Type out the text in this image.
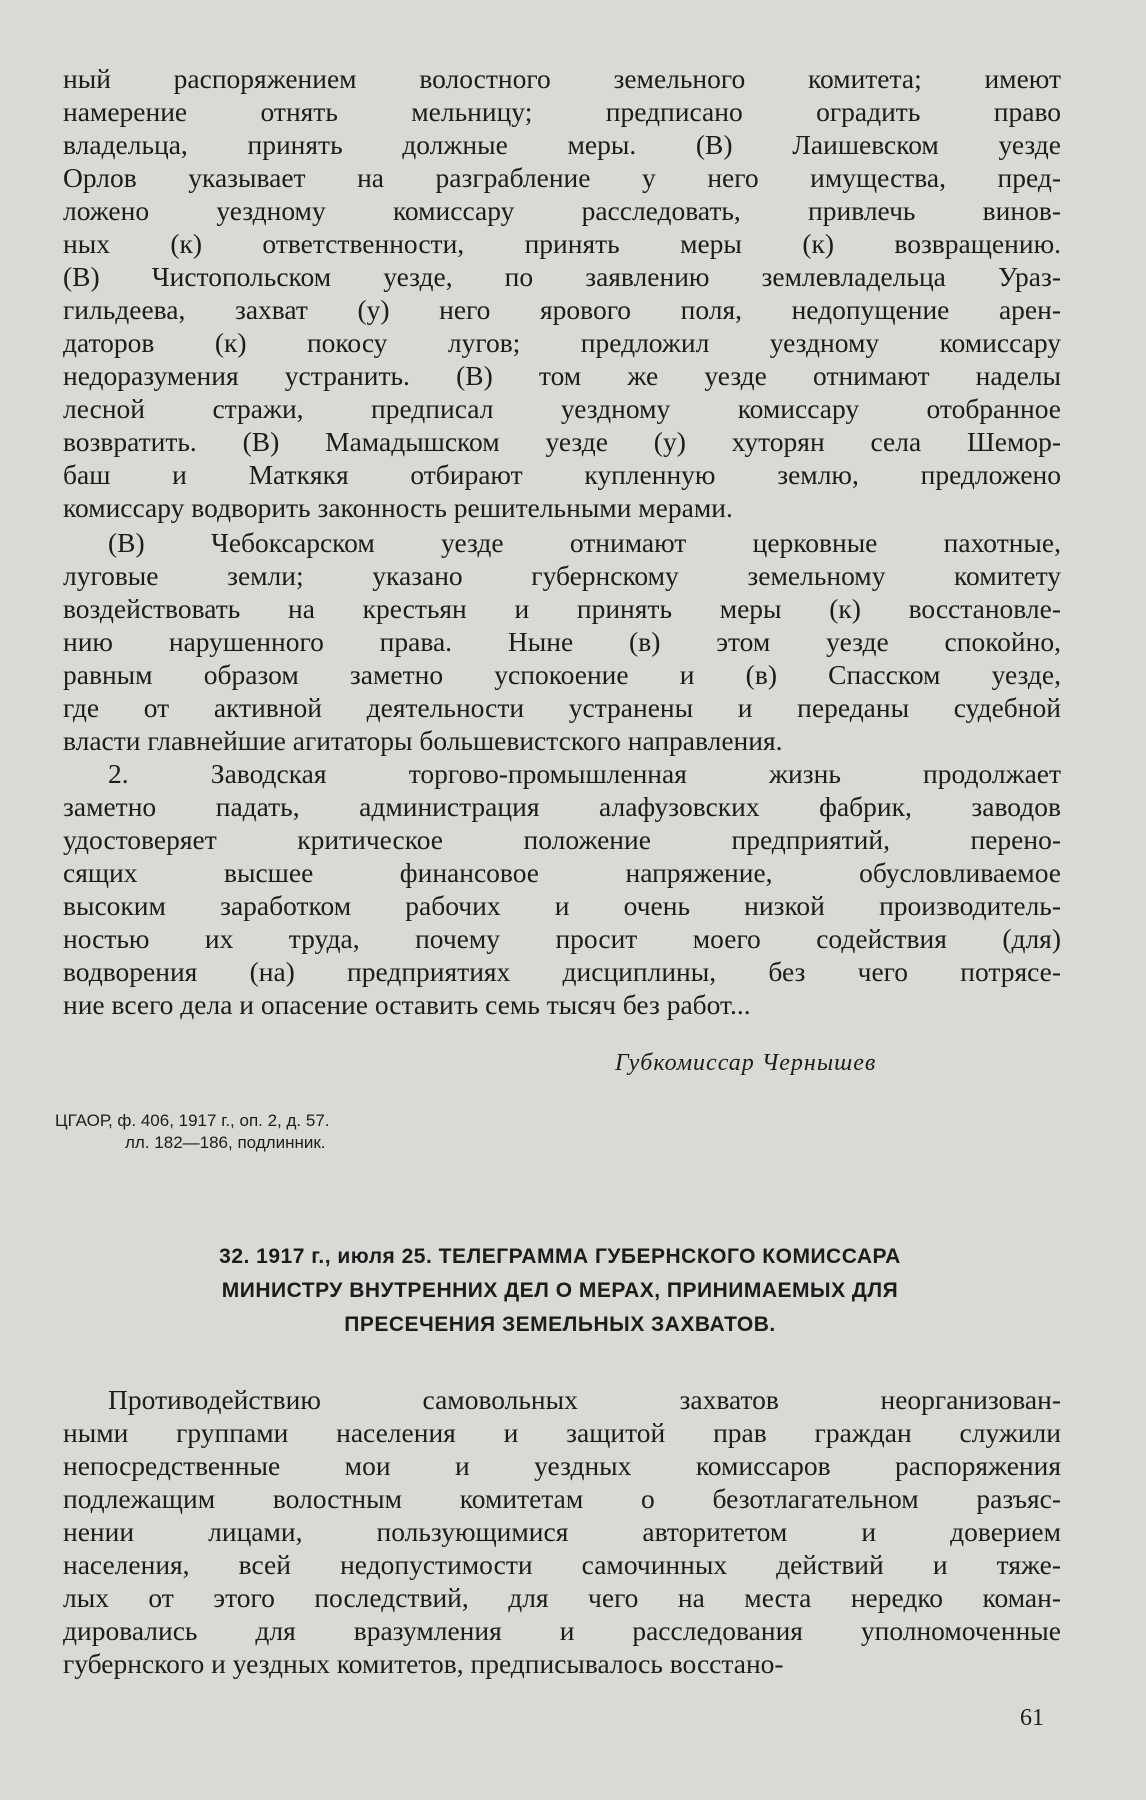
ный распоряжением волостного земельного комитета; имеют
намерение отнять мельницу; предписано оградить право
владельца, принять должные меры. (В) Лаишевском уезде
Орлов указывает на разграбление у него имущества, пред-
ложено уездному комиссару расследовать, привлечь винов-
ных (к) ответственности, принять меры (к) возвращению.
(В) Чистопольском уезде, по заявлению землевладельца Ураз-
гильдеева, захват (у) него ярового поля, недопущение арен-
даторов (к) покосу лугов; предложил уездному комиссару
недоразумения устранить. (В) том же уезде отнимают наделы
лесной стражи, предписал уездному комиссару отобранное
возвратить. (В) Мамадышском уезде (у) хуторян села Шемор-
баш и Маткякя отбирают купленную землю, предложено
комиссару водворить законность решительными мерами.
(В) Чебоксарском уезде отнимают церковные пахотные,
луговые земли; указано губернскому земельному комитету
воздействовать на крестьян и принять меры (к) восстановле-
нию нарушенного права. Ныне (в) этом уезде спокойно,
равным образом заметно успокоение и (в) Спасском уезде,
где от активной деятельности устранены и переданы судебной
власти главнейшие агитаторы большевистского направления.
2. Заводская торгово-промышленная жизнь продолжает
заметно падать, администрация алафузовских фабрик, заводов
удостоверяет критическое положение предприятий, перено-
сящих высшее финансовое напряжение, обусловливаемое
высоким заработком рабочих и очень низкой производитель-
ностью их труда, почему просит моего содействия (для)
водворения (на) предприятиях дисциплины, без чего потрясе-
ние всего дела и опасение оставить семь тысяч без работ...
Губкомиссар Чернышев
ЦГАОР, ф. 406, 1917 г., оп. 2, д. 57.
лл. 182—186, подлинник.
32. 1917 г., июля 25. ТЕЛЕГРАММА ГУБЕРНСКОГО КОМИССАРА
МИНИСТРУ ВНУТРЕННИХ ДЕЛ О МЕРАХ, ПРИНИМАЕМЫХ ДЛЯ
ПРЕСЕЧЕНИЯ ЗЕМЕЛЬНЫХ ЗАХВАТОВ.
Противодействию самовольных захватов неорганизован-
ными группами населения и защитой прав граждан служили
непосредственные мои и уездных комиссаров распоряжения
подлежащим волостным комитетам о безотлагательном разъяс-
нении лицами, пользующимися авторитетом и доверием
населения, всей недопустимости самочинных действий и тяже-
лых от этого последствий, для чего на места нередко коман-
дировались для вразумления и расследования уполномоченные
губернского и уездных комитетов, предписывалось восстано-
61
